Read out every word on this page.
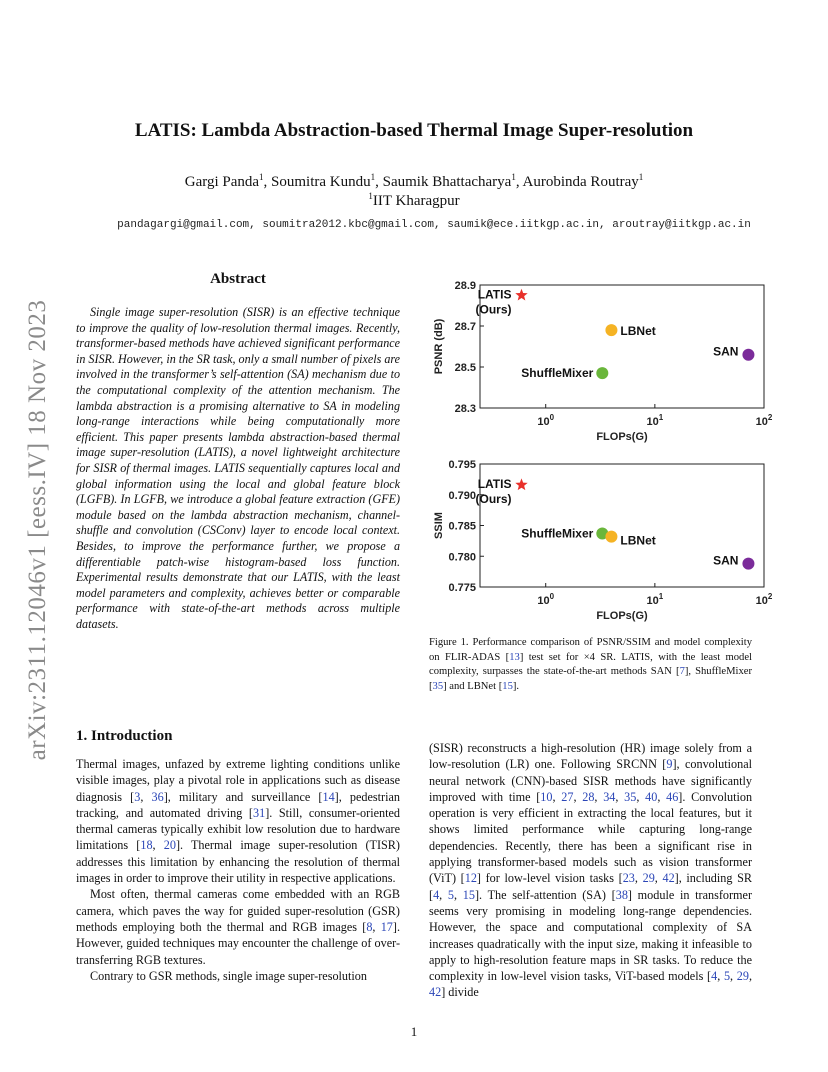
arXiv:2311.12046v1 [eess.IV] 18 Nov 2023
LATIS: Lambda Abstraction-based Thermal Image Super-resolution
Gargi Panda$^1$, Soumitra Kundu$^1$, Saumik Bhattacharya$^1$, Aurobinda Routray$^1$
$^1$IIT Kharagpur
pandagargi@gmail.com, soumitra2012.kbc@gmail.com, saumik@ece.iitkgp.ac.in, aroutray@iitkgp.ac.in
Abstract

Single image super-resolution (SISR) is an effective technique to improve the quality of low-resolution thermal images. Recently, transformer-based methods have achieved significant performance in SISR. However, in the SR task, only a small number of pixels are involved in the transformer’s self-attention (SA) mechanism due to the computational complexity of the attention mechanism. The lambda abstraction is a promising alternative to SA in modeling long-range interactions while being computationally more efficient. This paper presents lambda abstraction-based thermal image super-resolution (LATIS), a novel lightweight architecture for SISR of thermal images. LATIS sequentially captures local and global information using the local and global feature block (LGFB). In LGFB, we introduce a global feature extraction (GFE) module based on the lambda abstraction mechanism, channel-shuffle and convolution (CSConv) layer to encode local context. Besides, to improve the performance further, we propose a differentiable patch-wise histogram-based loss function. Experimental results demonstrate that our LATIS, with the least model parameters and complexity, achieves better or comparable performance with state-of-the-art methods across multiple datasets.

28.9
28.7
28.5
28.3
$10^0$	$10^1$	$10^2$
FLOPs(G)
PSNR (dB)
LATIS
(Ours)
LBNet
SAN
ShuffleMixer
0.795
0.790
0.785
0.780
0.775
$10^0$	$10^1$	$10^2$
FLOPs(G)
SSIM
LATIS
(Ours)
ShuffleMixer
LBNet
SAN
Figure 1. Performance comparison of PSNR/SSIM and model complexity on FLIR-ADAS [13] test set for ×4 SR. LATIS, with the least model complexity, surpasses the state-of-the-art methods SAN [7], ShuffleMixer [35] and LBNet [15].
1. Introduction

Thermal images, unfazed by extreme lighting conditions unlike visible images, play a pivotal role in applications such as disease diagnosis [3, 36], military and surveillance [14], pedestrian tracking, and automated driving [31]. Still, consumer-oriented thermal cameras typically exhibit low resolution due to hardware limitations [18, 20]. Thermal image super-resolution (TISR) addresses this limitation by enhancing the resolution of thermal images in order to improve their utility in respective applications.

Most often, thermal cameras come embedded with an RGB camera, which paves the way for guided super-resolution (GSR) methods employing both the thermal and RGB images [8, 17]. However, guided techniques may encounter the challenge of over- transferring RGB textures.

Contrary to GSR methods, single image super-resolution

(SISR) reconstructs a high-resolution (HR) image solely from a low-resolution (LR) one. Following SRCNN [9], convolutional neural network (CNN)-based SISR methods have significantly improved with time [10, 27, 28, 34, 35, 40, 46]. Convolution operation is very efficient in extracting the local features, but it shows limited performance while capturing long-range dependencies. Recently, there has been a significant rise in applying transformer-based models such as vision transformer (ViT) [12] for low-level vision tasks [23, 29, 42], including SR [4, 5, 15]. The self-attention (SA) [38] module in transformer seems very promising in modeling long-range dependencies. However, the space and computational complexity of SA increases quadratically with the input size, making it infeasible to apply to high-resolution feature maps in SR tasks. To reduce the complexity in low-level vision tasks, ViT-based models [4, 5, 29, 42] divide

1
